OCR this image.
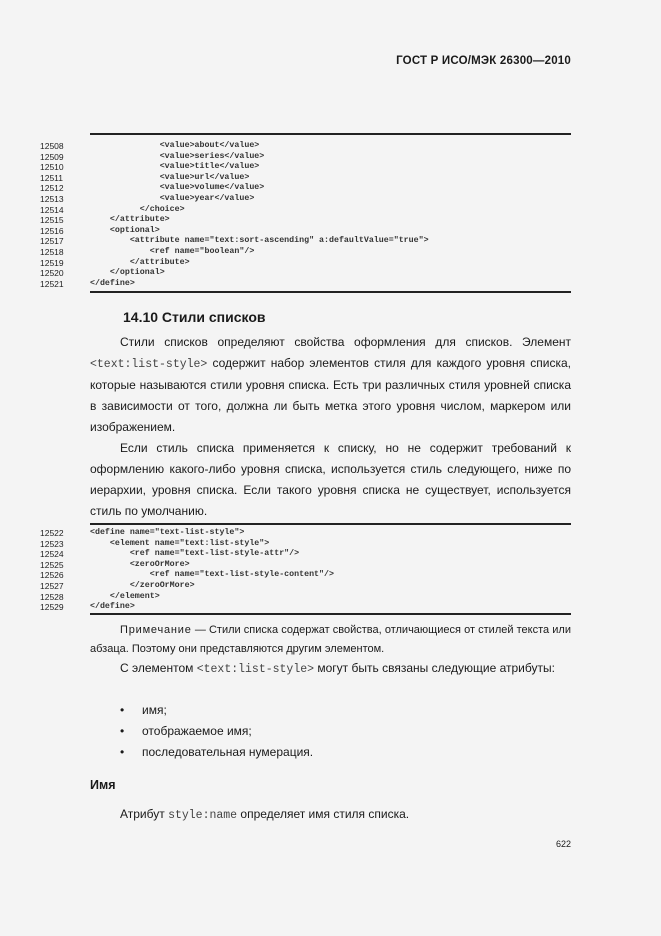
ГОСТ Р ИСО/МЭК 26300—2010
12508	<value>about</value>
12509	<value>series</value>
12510	<value>title</value>
12511	<value>url</value>
12512	<value>volume</value>
12513	<value>year</value>
12514	</choice>
12515	</attribute>
12516	<optional>
12517	<attribute name="text:sort-ascending" a:defaultValue="true">
12518	<ref name="boolean"/>
12519	</attribute>
12520	</optional>
12521	</define>
14.10 Стили списков
Стили списков определяют свойства оформления для списков. Элемент <text:list-style> содержит набор элементов стиля для каждого уровня списка, которые называются стили уровня списка. Есть три различных стиля уровней списка в зависимости от того, должна ли быть метка этого уровня числом, маркером или изображением.
Если стиль списка применяется к списку, но не содержит требований к оформлению какого-либо уровня списка, используется стиль следующего, ниже по иерархии, уровня списка. Если такого уровня списка не существует, используется стиль по умолчанию.
12522	<define name="text-list-style">
12523	<element name="text:list-style">
12524	<ref name="text-list-style-attr"/>
12525	<zeroOrMore>
12526	<ref name="text-list-style-content"/>
12527	</zeroOrMore>
12528	</element>
12529	</define>
Примечание — Стили списка содержат свойства, отличающиеся от стилей текста или абзаца. Поэтому они представляются другим элементом.
С элементом <text:list-style> могут быть связаны следующие атрибуты:
• имя;
• отображаемое имя;
• последовательная нумерация.
Имя
Атрибут style:name определяет имя стиля списка.
622
